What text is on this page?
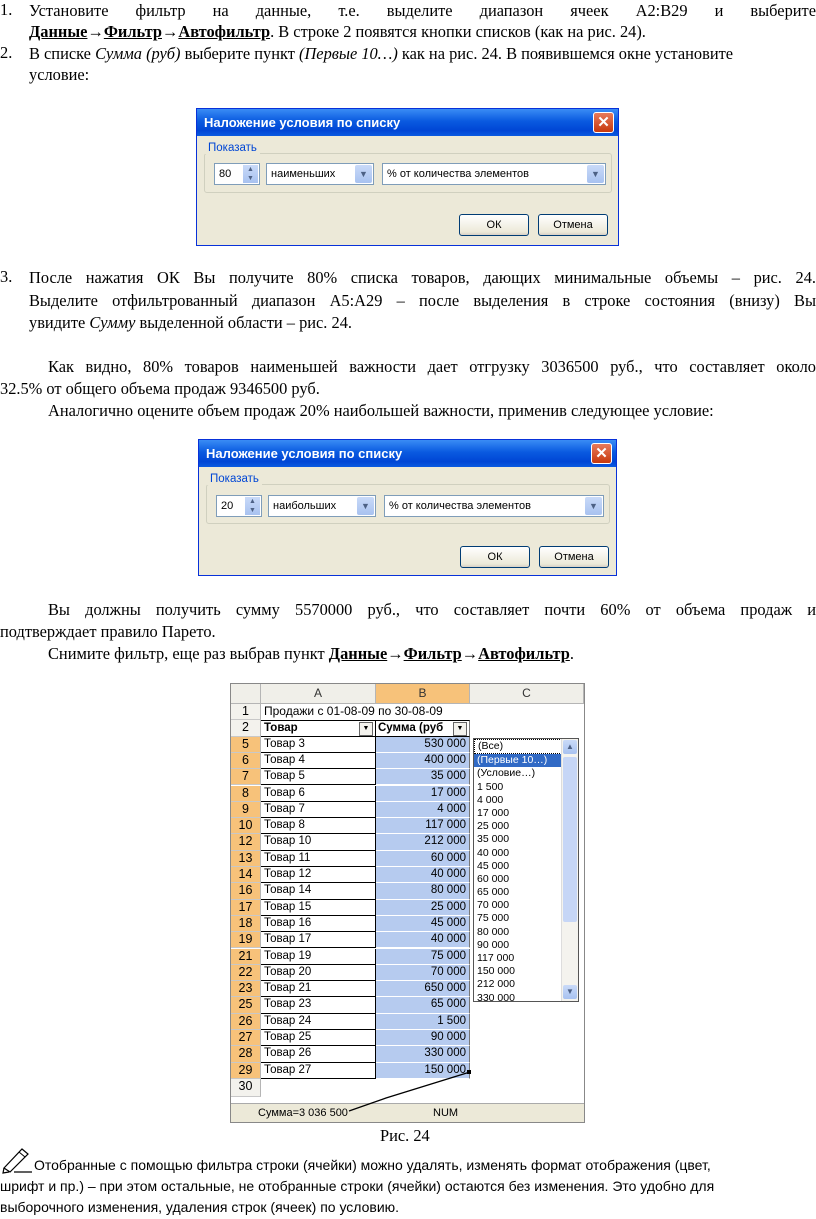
1. Установите фильтр на данные, т.е. выделите диапазон ячеек А2:В29 и выберите
Данные→Фильтр→Автофильтр. В строке 2 появятся кнопки списков (как на рис. 24).
2. В списке Сумма (руб) выберите пункт (Первые 10…) как на рис. 24. В появившемся окне установите
условие:
Наложение условия по списку	✕
Показать
80	▲
▼	наименьших	▼	% от количества элементов	▼
ОК	Отмена
3. После нажатия ОК Вы получите 80% списка товаров, дающих минимальные объемы – рис. 24.
Выделите отфильтрованный диапазон А5:А29 – после выделения в строке состояния (внизу) Вы
увидите Сумму выделенной области – рис. 24.
Как видно, 80% товаров наименьшей важности дает отгрузку 3036500 руб., что составляет около
32.5% от общего объема продаж 9346500 руб.
Аналогично оцените объем продаж 20% наибольшей важности, применив следующее условие:
Наложение условия по списку	✕
Показать
20	▲
▼	наибольших	▼	% от количества элементов	▼
ОК	Отмена
Вы должны получить сумму 5570000 руб., что составляет почти 60% от объема продаж и
подтверждает правило Парето.
Снимите фильтр, еще раз выбрав пункт Данные→Фильтр→Автофильтр.
A	B	C
1	Продажи с 01-08-09 по 30-08-09
2	Товар	▼ Сумма (руб	▼
5	Товар 3	530 000
6	Товар 4	400 000
7	Товар 5	35 000
8	Товар 6	17 000
9	Товар 7	4 000
10	Товар 8	117 000
12	Товар 10	212 000
13	Товар 11	60 000
14	Товар 12	40 000
16	Товар 14	80 000
17	Товар 15	25 000
18	Товар 16	45 000
19	Товар 17	40 000
21	Товар 19	75 000
22	Товар 20	70 000
23	Товар 21	650 000
25	Товар 23	65 000
26	Товар 24	1 500
27	Товар 25	90 000
28	Товар 26	330 000
29	Товар 27	150 000
30
(Все)
(Первые 10…)
(Условие…)
1 500
4 000
17 000
25 000
35 000
40 000
45 000
60 000
65 000
70 000
75 000
80 000
90 000
117 000
150 000
212 000
330 000
▲
▼
Сумма=3 036 500	NUM
Рис. 24
Отобранные с помощью фильтра строки (ячейки) можно удалять, изменять формат отображения (цвет,
шрифт и пр.) – при этом остальные, не отобранные строки (ячейки) остаются без изменения. Это удобно для
выборочного изменения, удаления строк (ячеек) по условию.
